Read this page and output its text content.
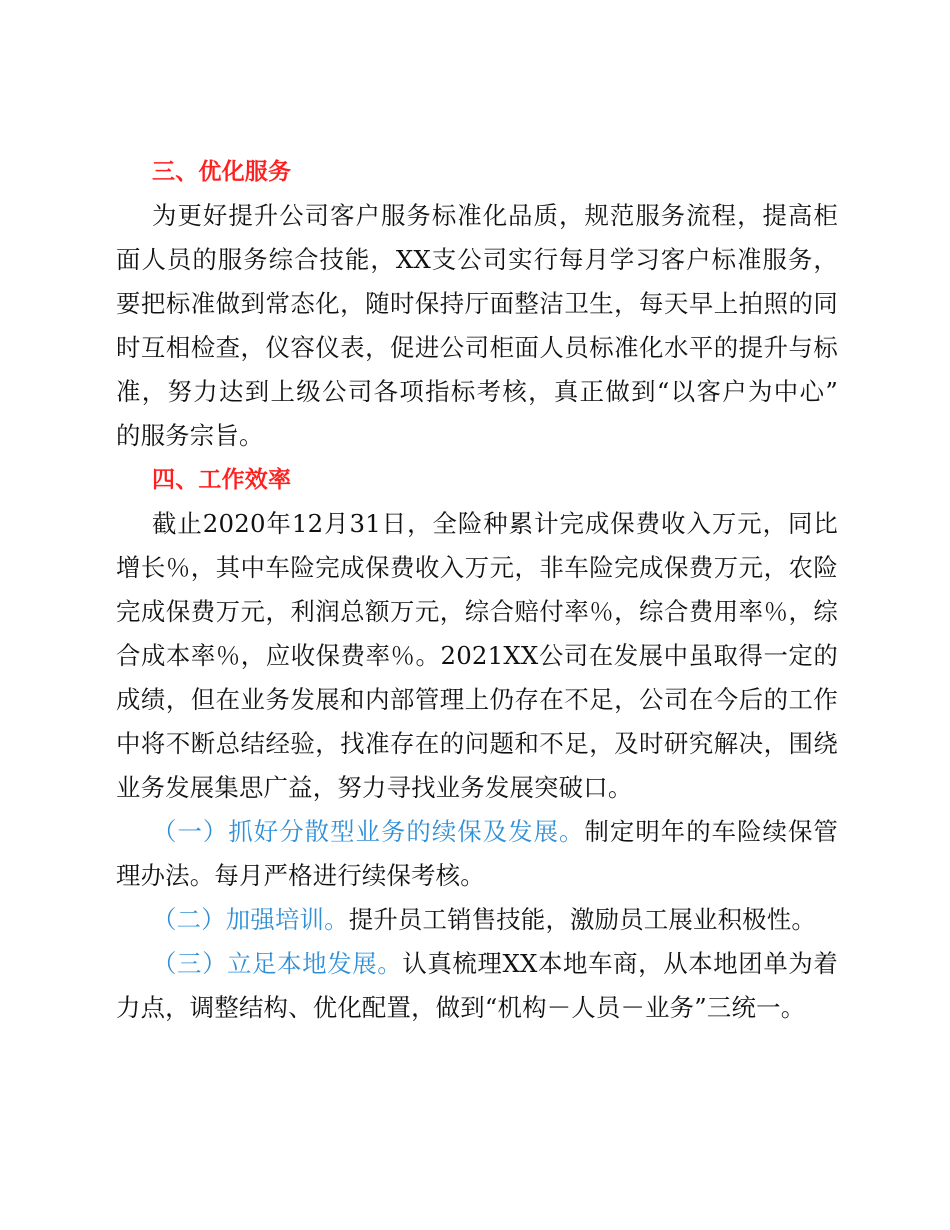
三、优化服务
为更好提升公司客户服务标准化品质，规范服务流程，提高柜
面人员的服务综合技能，XX支公司实行每月学习客户标准服务，
要把标准做到常态化，随时保持厅面整洁卫生，每天早上拍照的同
时互相检查，仪容仪表，促进公司柜面人员标准化水平的提升与标
准，努力达到上级公司各项指标考核，真正做到“以客户为中心”
的服务宗旨。
四、工作效率
截止2020年12月31日，全险种累计完成保费收入万元，同比
增长％，其中车险完成保费收入万元，非车险完成保费万元，农险
完成保费万元，利润总额万元，综合赔付率％，综合费用率％，综
合成本率％，应收保费率％。2021XX公司在发展中虽取得一定的
成绩，但在业务发展和内部管理上仍存在不足，公司在今后的工作
中将不断总结经验，找准存在的问题和不足，及时研究解决，围绕
业务发展集思广益，努力寻找业务发展突破口。
（一）抓好分散型业务的续保及发展。制定明年的车险续保管
理办法。每月严格进行续保考核。
（二）加强培训。提升员工销售技能，激励员工展业积极性。
（三）立足本地发展。认真梳理XX本地车商，从本地团单为着
力点，调整结构、优化配置，做到“机构－人员－业务”三统一。
